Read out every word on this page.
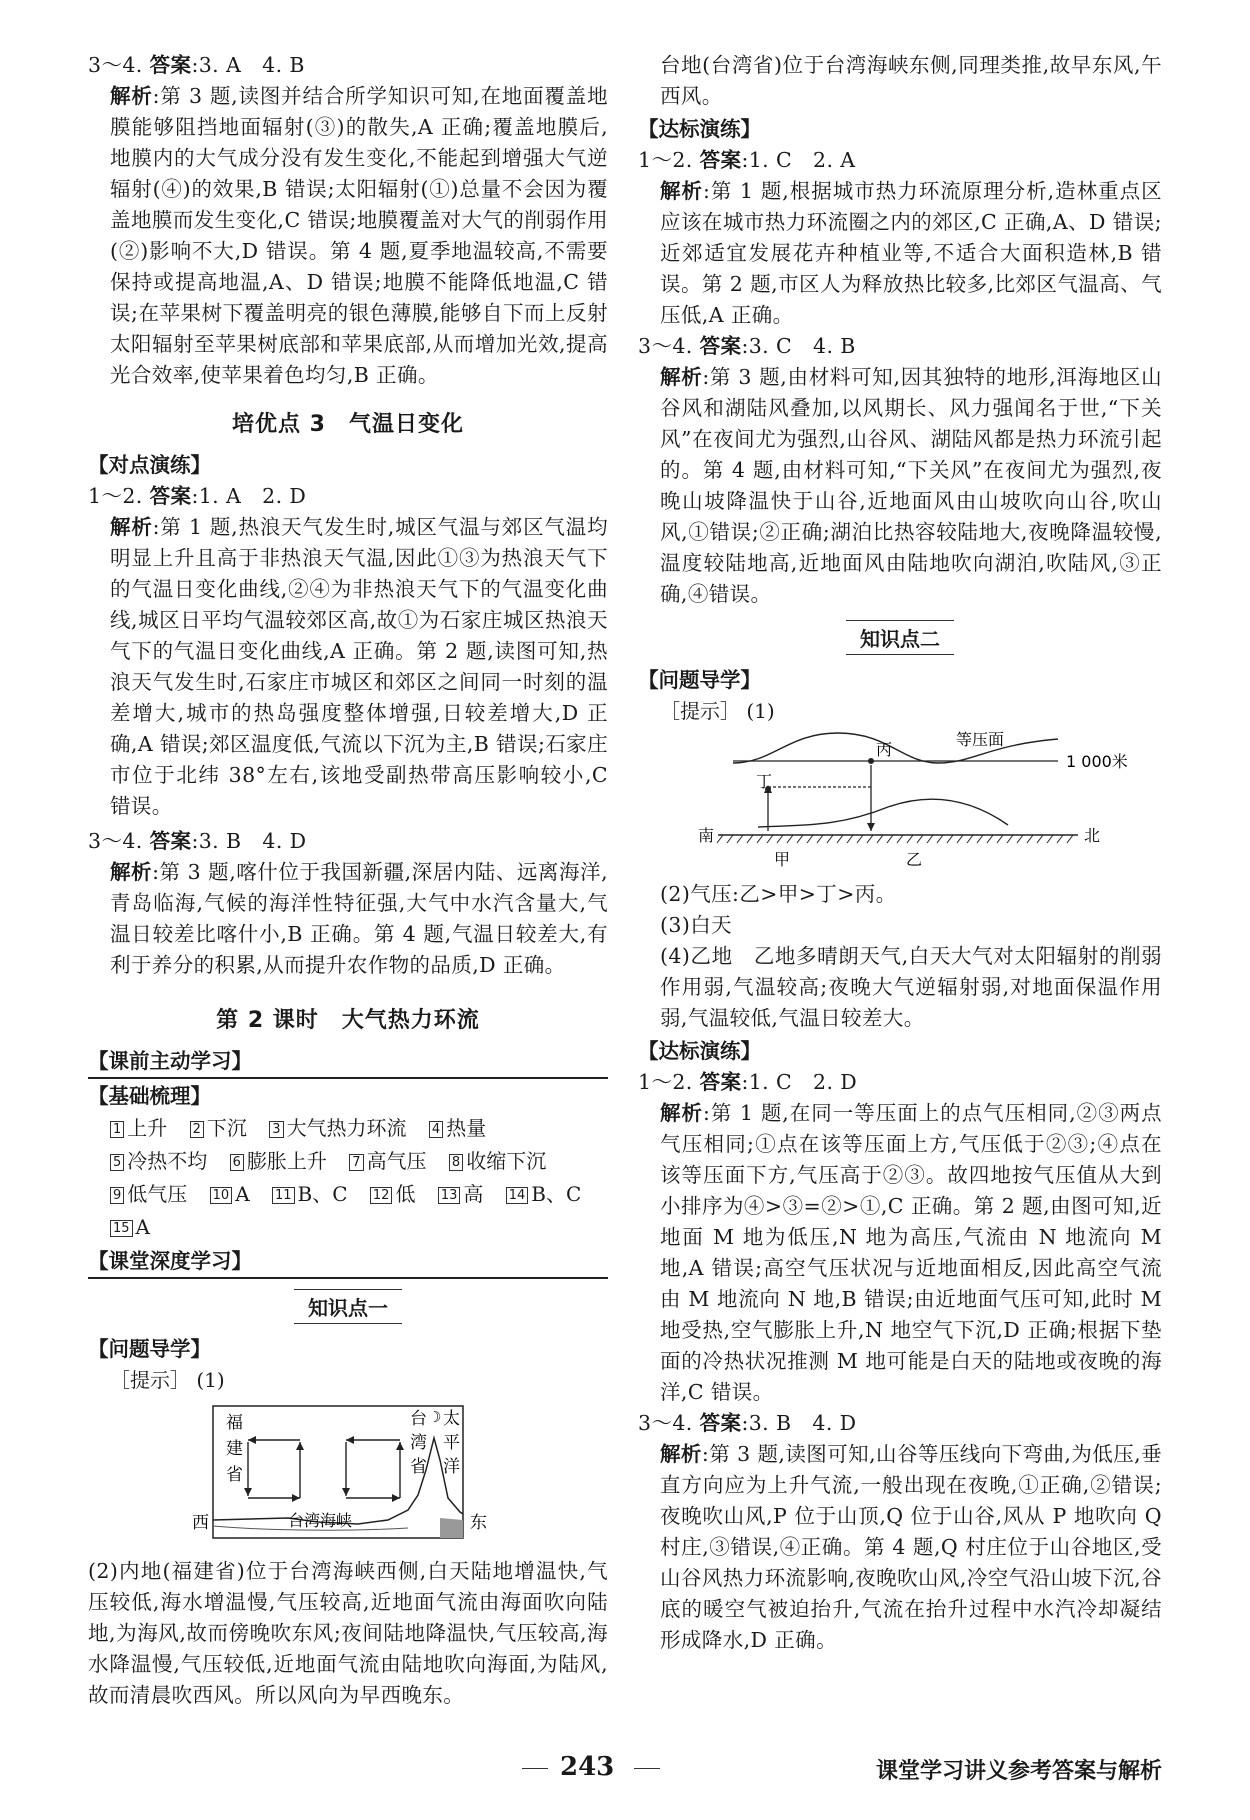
3～4. 答案:3. A　4. B

解析:第 3 题,读图并结合所学知识可知,在地面覆盖地膜能够阻挡地面辐射(③)的散失,A 正确;覆盖地膜后,地膜内的大气成分没有发生变化,不能起到增强大气逆辐射(④)的效果,B 错误;太阳辐射(①)总量不会因为覆盖地膜而发生变化,C 错误;地膜覆盖对大气的削弱作用(②)影响不大,D 错误。第 4 题,夏季地温较高,不需要保持或提高地温,A、D 错误;地膜不能降低地温,C 错误;在苹果树下覆盖明亮的银色薄膜,能够自下而上反射太阳辐射至苹果树底部和苹果底部,从而增加光效,提高光合效率,使苹果着色均匀,B 正确。

培优点 3　气温日变化
【对点演练】

1～2. 答案:1. A　2. D

解析:第 1 题,热浪天气发生时,城区气温与郊区气温均明显上升且高于非热浪天气温,因此①③为热浪天气下的气温日变化曲线,②④为非热浪天气下的气温变化曲线,城区日平均气温较郊区高,故①为石家庄城区热浪天气下的气温日变化曲线,A 正确。第 2 题,读图可知,热浪天气发生时,石家庄市城区和郊区之间同一时刻的温差增大,城市的热岛强度整体增强,日较差增大,D 正确,A 错误;郊区温度低,气流以下沉为主,B 错误;石家庄市位于北纬 38°左右,该地受副热带高压影响较小,C 错误。

3～4. 答案:3. B　4. D

解析:第 3 题,喀什位于我国新疆,深居内陆、远离海洋,青岛临海,气候的海洋性特征强,大气中水汽含量大,气温日较差比喀什小,B 正确。第 4 题,气温日较差大,有利于养分的积累,从而提升农作物的品质,D 正确。

第 2 课时　大气热力环流
【课前主动学习】
【基础梳理】
1 上升 2 下沉 3 大气热力环流 4 热量 5 冷热不均 6 膨胀上升 7 高气压 8 收缩下沉 9 低气压 10 A 11 B、C 12 低 13 高 14 B、C 15 A
【课堂深度学习】
知识点一
【问题导学】
［提示］ (1)
福
建
省
台
湾
省
太
平
洋
☽
台湾海峡
西	东

(2)内地(福建省)位于台湾海峡西侧,白天陆地增温快,气压较低,海水增温慢,气压较高,近地面气流由海面吹向陆地,为海风,故而傍晚吹东风;夜间陆地降温快,气压较高,海水降温慢,气压较低,近地面气流由陆地吹向海面,为陆风,故而清晨吹西风。所以风向为早西晚东。

台地(台湾省)位于台湾海峡东侧,同理类推,故早东风,午西风。

【达标演练】

1～2. 答案:1. C　2. A

解析:第 1 题,根据城市热力环流原理分析,造林重点区应该在城市热力环流圈之内的郊区,C 正确,A、D 错误;近郊适宜发展花卉种植业等,不适合大面积造林,B 错误。第 2 题,市区人为释放热比较多,比郊区气温高、气压低,A 正确。

3～4. 答案:3. C　4. B

解析:第 3 题,由材料可知,因其独特的地形,洱海地区山谷风和湖陆风叠加,以风期长、风力强闻名于世,“下关风”在夜间尤为强烈,山谷风、湖陆风都是热力环流引起的。第 4 题,由材料可知,“下关风”在夜间尤为强烈,夜晚山坡降温快于山谷,近地面风由山坡吹向山谷,吹山风,①错误;②正确;湖泊比热容较陆地大,夜晚降温较慢,温度较陆地高,近地面风由陆地吹向湖泊,吹陆风,③正确,④错误。

知识点二
【问题导学】
［提示］ (1)
丙
等压面
1 000米
丁
甲	乙
南	北

(2)气压:乙>甲>丁>丙。

(3)白天

(4)乙地　乙地多晴朗天气,白天大气对太阳辐射的削弱作用弱,气温较高;夜晚大气逆辐射弱,对地面保温作用弱,气温较低,气温日较差大。

【达标演练】

1～2. 答案:1. C　2. D

解析:第 1 题,在同一等压面上的点气压相同,②③两点气压相同;①点在该等压面上方,气压低于②③;④点在该等压面下方,气压高于②③。故四地按气压值从大到小排序为④>③=②>①,C 正确。第 2 题,由图可知,近地面 M 地为低压,N 地为高压,气流由 N 地流向 M 地,A 错误;高空气压状况与近地面相反,因此高空气流由 M 地流向 N 地,B 错误;由近地面气压可知,此时 M 地受热,空气膨胀上升,N 地空气下沉,D 正确;根据下垫面的冷热状况推测 M 地可能是白天的陆地或夜晚的海洋,C 错误。

3～4. 答案:3. B　4. D

解析:第 3 题,读图可知,山谷等压线向下弯曲,为低压,垂直方向应为上升气流,一般出现在夜晚,①正确,②错误;夜晚吹山风,P 位于山顶,Q 位于山谷,风从 P 地吹向 Q 村庄,③错误,④正确。第 4 题,Q 村庄位于山谷地区,受山谷风热力环流影响,夜晚吹山风,冷空气沿山坡下沉,谷底的暖空气被迫抬升,气流在抬升过程中水汽冷却凝结形成降水,D 正确。

243	课堂学习讲义参考答案与解析
